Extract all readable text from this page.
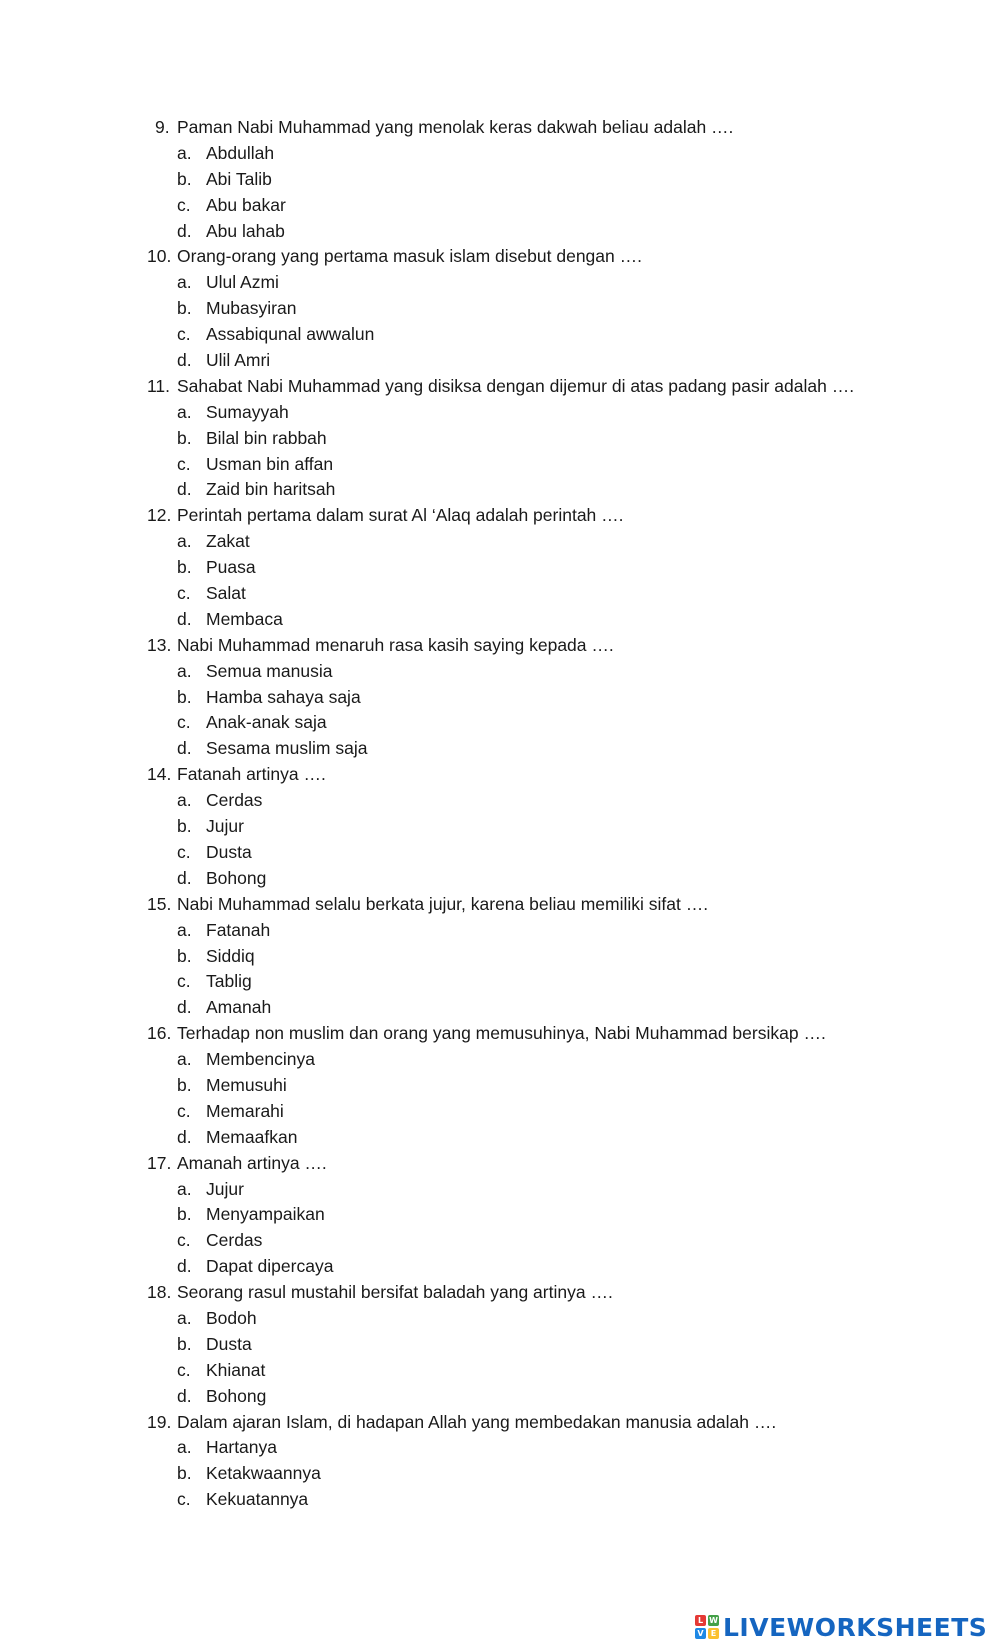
9. Paman Nabi Muhammad yang menolak keras dakwah beliau adalah ….
a. Abdullah
b. Abi Talib
c. Abu bakar
d. Abu lahab
10. Orang-orang yang pertama masuk islam disebut dengan ….
a. Ulul Azmi
b. Mubasyiran
c. Assabiqunal awwalun
d. Ulil Amri
11. Sahabat Nabi Muhammad yang disiksa dengan dijemur di atas padang pasir adalah ….
a. Sumayyah
b. Bilal bin rabbah
c. Usman bin affan
d. Zaid bin haritsah
12. Perintah pertama dalam surat Al ‘Alaq adalah perintah ….
a. Zakat
b. Puasa
c. Salat
d. Membaca
13. Nabi Muhammad menaruh rasa kasih saying kepada ….
a. Semua manusia
b. Hamba sahaya saja
c. Anak-anak saja
d. Sesama muslim saja
14. Fatanah artinya ….
a. Cerdas
b. Jujur
c. Dusta
d. Bohong
15. Nabi Muhammad selalu berkata jujur, karena beliau memiliki sifat ….
a. Fatanah
b. Siddiq
c. Tablig
d. Amanah
16. Terhadap non muslim dan orang yang memusuhinya, Nabi Muhammad bersikap ….
a. Membencinya
b. Memusuhi
c. Memarahi
d. Memaafkan
17. Amanah artinya ….
a. Jujur
b. Menyampaikan
c. Cerdas
d. Dapat dipercaya
18. Seorang rasul mustahil bersifat baladah yang artinya ….
a. Bodoh
b. Dusta
c. Khianat
d. Bohong
19. Dalam ajaran Islam, di hadapan Allah yang membedakan manusia adalah ….
a. Hartanya
b. Ketakwaannya
c. Kekuatannya
L W
V E LIVEWORKSHEETS
